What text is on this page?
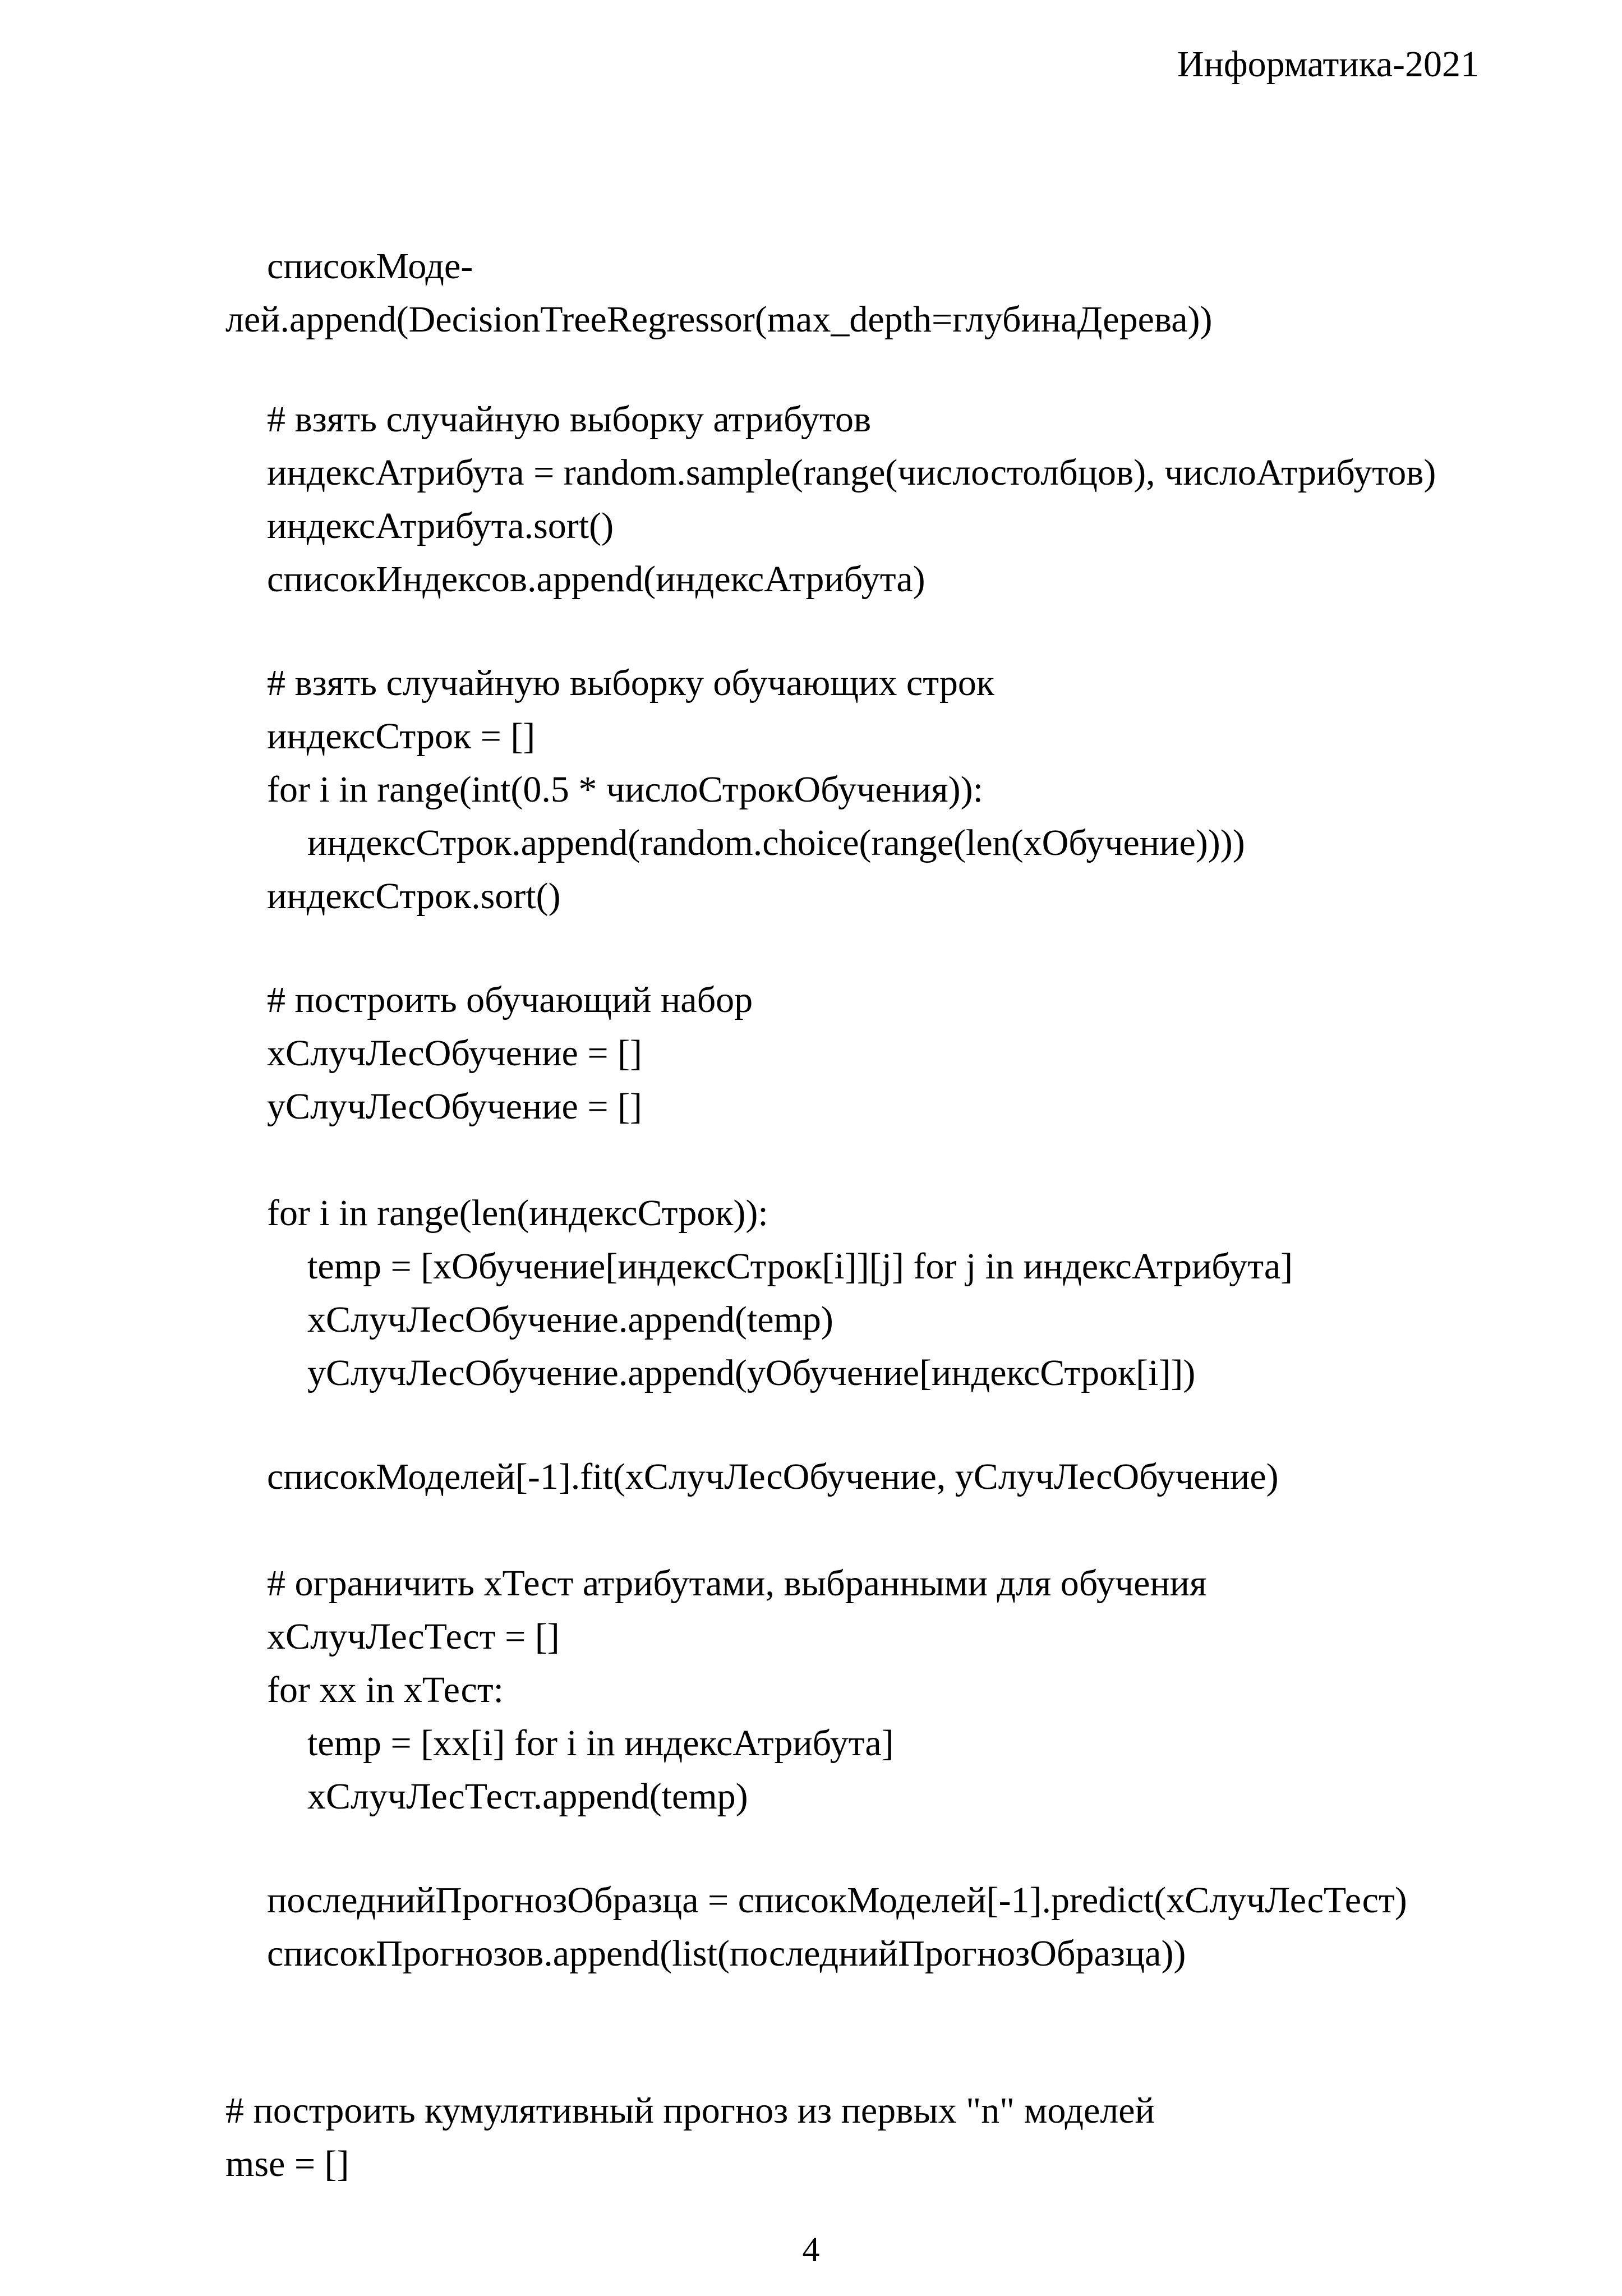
Информатика-2021
списокМоде-
лей.append(DecisionTreeRegressor(max_depth=глубинаДерева))
# взять случайную выборку атрибутов
индексАтрибута = random.sample(range(числостолбцов), числоАтрибутов)
индексАтрибута.sort()
списокИндексов.append(индексАтрибута)
# взять случайную выборку обучающих строк
индексСтрок = []
for i in range(int(0.5 * числоСтрокОбучения)):
индексСтрок.append(random.choice(range(len(xОбучение))))
индексСтрок.sort()
# построить обучающий набор
xСлучЛесОбучение = []
yСлучЛесОбучение = []
for i in range(len(индексСтрок)):
temp = [xОбучение[индексСтрок[i]][j] for j in индексАтрибута]
xСлучЛесОбучение.append(temp)
yСлучЛесОбучение.append(yОбучение[индексСтрок[i]])
списокМоделей[-1].fit(xСлучЛесОбучение, yСлучЛесОбучение)
# ограничить xТест атрибутами, выбранными для обучения
xСлучЛесТест = []
for xx in xТест:
temp = [xx[i] for i in индексАтрибута]
xСлучЛесТест.append(temp)
последнийПрогнозОбразца = списокМоделей[-1].predict(xСлучЛесТест)
списокПрогнозов.append(list(последнийПрогнозОбразца))
# построить кумулятивный прогноз из первых "n" моделей
mse = []
4
